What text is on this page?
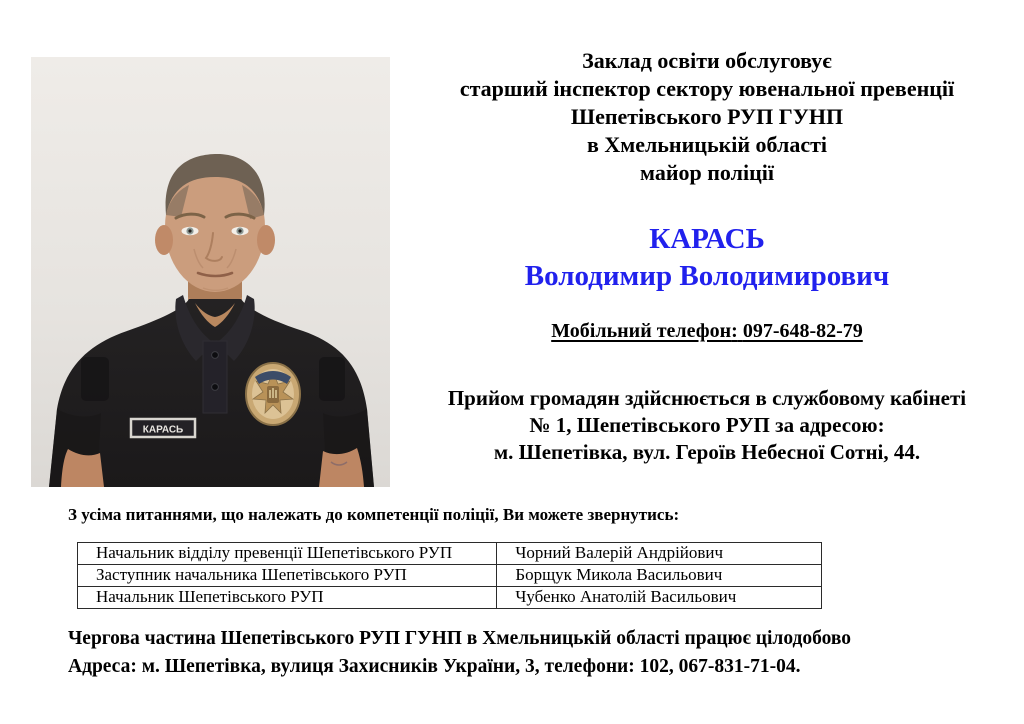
КАРАСЬ
Заклад освіти обслуговує
старший інспектор сектору ювенальної превенції
Шепетівського РУП ГУНП
в Хмельницькій області
майор поліції
КАРАСЬ
Володимир Володимирович
Мобільний телефон: 097-648-82-79
Прийом громадян здійснюється в службовому кабінеті
№ 1, Шепетівського РУП за адресою:
м. Шепетівка, вул. Героїв Небесної Сотні, 44.
З усіма питаннями, що належать до компетенції поліції, Ви можете звернутись:
Начальник відділу превенції Шепетівського РУП	Чорний Валерій Андрійович
Заступник начальника Шепетівського РУП	Борщук Микола Васильович
Начальник Шепетівського РУП	Чубенко Анатолій Васильович
Чергова частина Шепетівського РУП ГУНП в Хмельницькій області працює цілодобово
Адреса: м. Шепетівка, вулиця Захисників України, 3, телефони: 102, 067-831-71-04.
